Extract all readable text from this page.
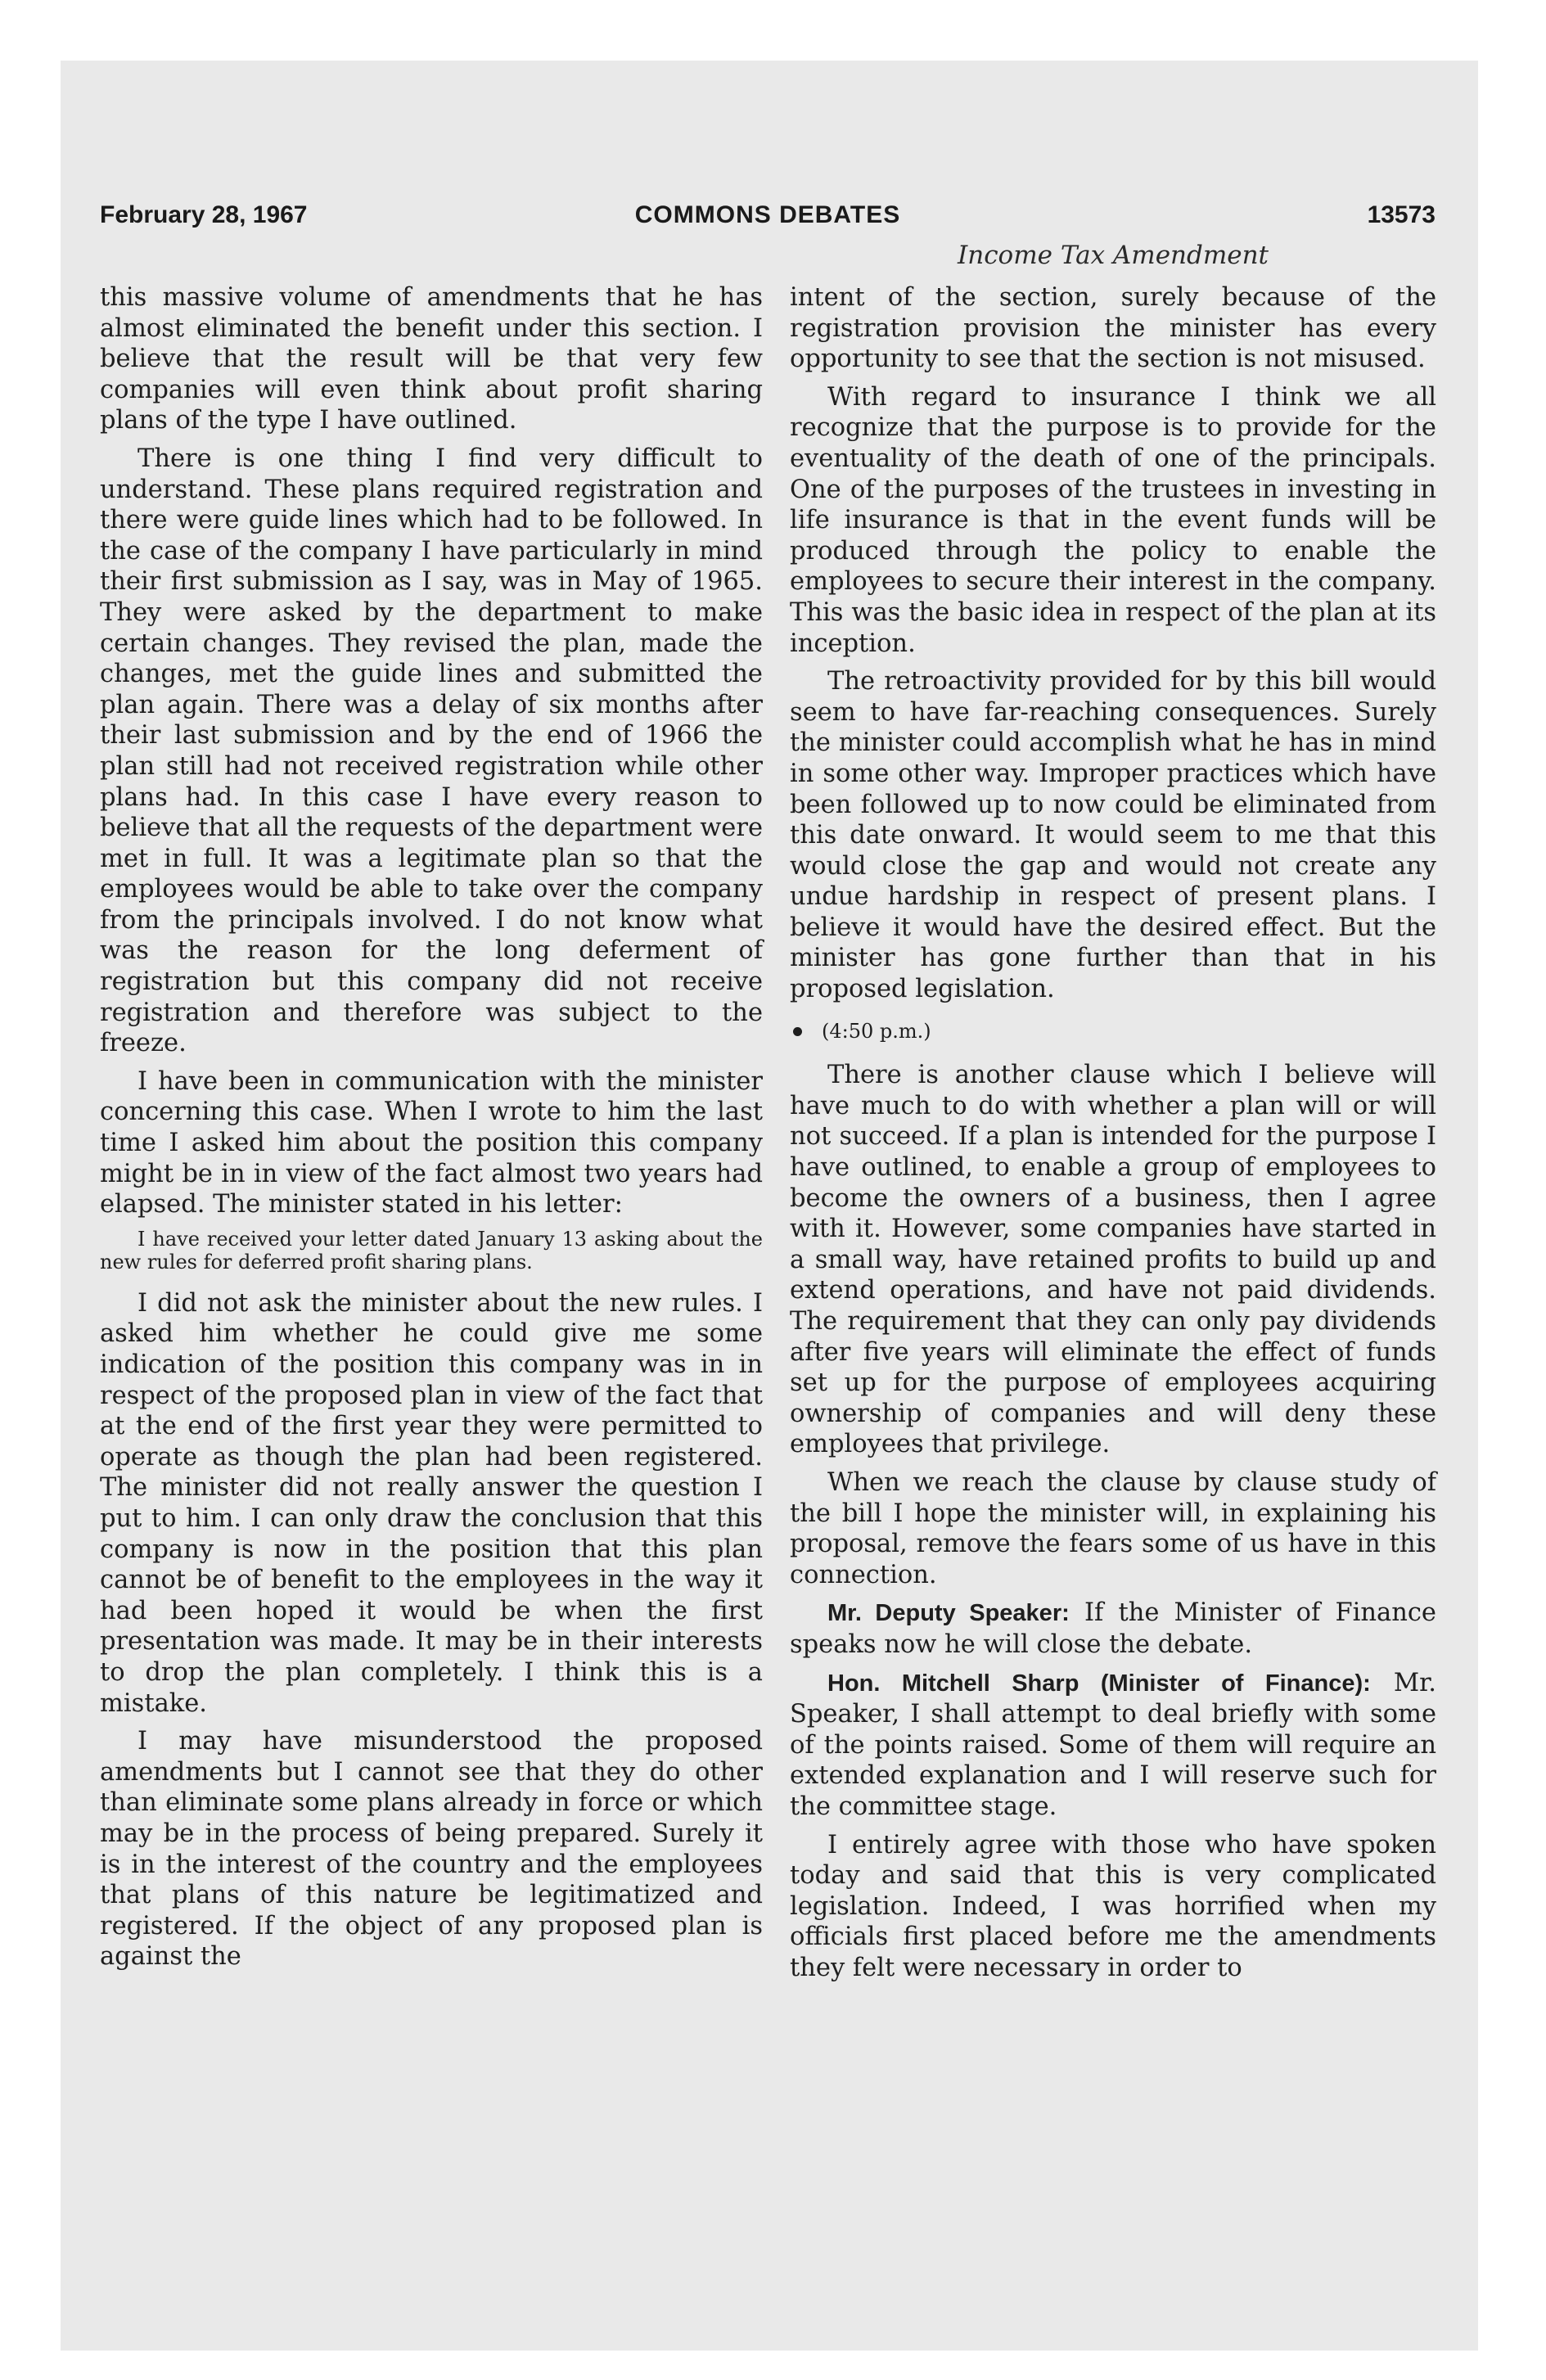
February 28, 1967	COMMONS DEBATES	13573
Income Tax Amendment

this massive volume of amendments that he has almost eliminated the benefit under this section. I believe that the result will be that very few companies will even think about profit sharing plans of the type I have outlined.

There is one thing I find very difficult to understand. These plans required registration and there were guide lines which had to be followed. In the case of the company I have particularly in mind their first submission as I say, was in May of 1965. They were asked by the department to make certain changes. They revised the plan, made the changes, met the guide lines and submitted the plan again. There was a delay of six months after their last submission and by the end of 1966 the plan still had not received registration while other plans had. In this case I have every reason to believe that all the requests of the department were met in full. It was a legitimate plan so that the employees would be able to take over the company from the principals involved. I do not know what was the reason for the long deferment of registration but this company did not receive registration and therefore was subject to the freeze.

I have been in communication with the minister concerning this case. When I wrote to him the last time I asked him about the position this company might be in in view of the fact almost two years had elapsed. The minister stated in his letter:

I have received your letter dated January 13 asking about the new rules for deferred profit sharing plans.

I did not ask the minister about the new rules. I asked him whether he could give me some indication of the position this company was in in respect of the proposed plan in view of the fact that at the end of the first year they were permitted to operate as though the plan had been registered. The minister did not really answer the question I put to him. I can only draw the conclusion that this company is now in the position that this plan cannot be of benefit to the employees in the way it had been hoped it would be when the first presentation was made. It may be in their interests to drop the plan completely. I think this is a mistake.

I may have misunderstood the proposed amendments but I cannot see that they do other than eliminate some plans already in force or which may be in the process of being prepared. Surely it is in the interest of the country and the employees that plans of this nature be legitimatized and registered. If the object of any proposed plan is against the

intent of the section, surely because of the registration provision the minister has every opportunity to see that the section is not misused.

With regard to insurance I think we all recognize that the purpose is to provide for the eventuality of the death of one of the principals. One of the purposes of the trustees in investing in life insurance is that in the event funds will be produced through the policy to enable the employees to secure their interest in the company. This was the basic idea in respect of the plan at its inception.

The retroactivity provided for by this bill would seem to have far-reaching consequences. Surely the minister could accomplish what he has in mind in some other way. Improper practices which have been followed up to now could be eliminated from this date onward. It would seem to me that this would close the gap and would not create any undue hardship in respect of present plans. I believe it would have the desired effect. But the minister has gone further than that in his proposed legislation.

(4:50 p.m.)

There is another clause which I believe will have much to do with whether a plan will or will not succeed. If a plan is intended for the purpose I have outlined, to enable a group of employees to become the owners of a business, then I agree with it. However, some companies have started in a small way, have retained profits to build up and extend operations, and have not paid dividends. The requirement that they can only pay dividends after five years will eliminate the effect of funds set up for the purpose of employees acquiring ownership of companies and will deny these employees that privilege.

When we reach the clause by clause study of the bill I hope the minister will, in explaining his proposal, remove the fears some of us have in this connection.

Mr. Deputy Speaker: If the Minister of Finance speaks now he will close the debate.

Hon. Mitchell Sharp (Minister of Finance): Mr. Speaker, I shall attempt to deal briefly with some of the points raised. Some of them will require an extended explanation and I will reserve such for the committee stage.

I entirely agree with those who have spoken today and said that this is very complicated legislation. Indeed, I was horrified when my officials first placed before me the amendments they felt were necessary in order to
